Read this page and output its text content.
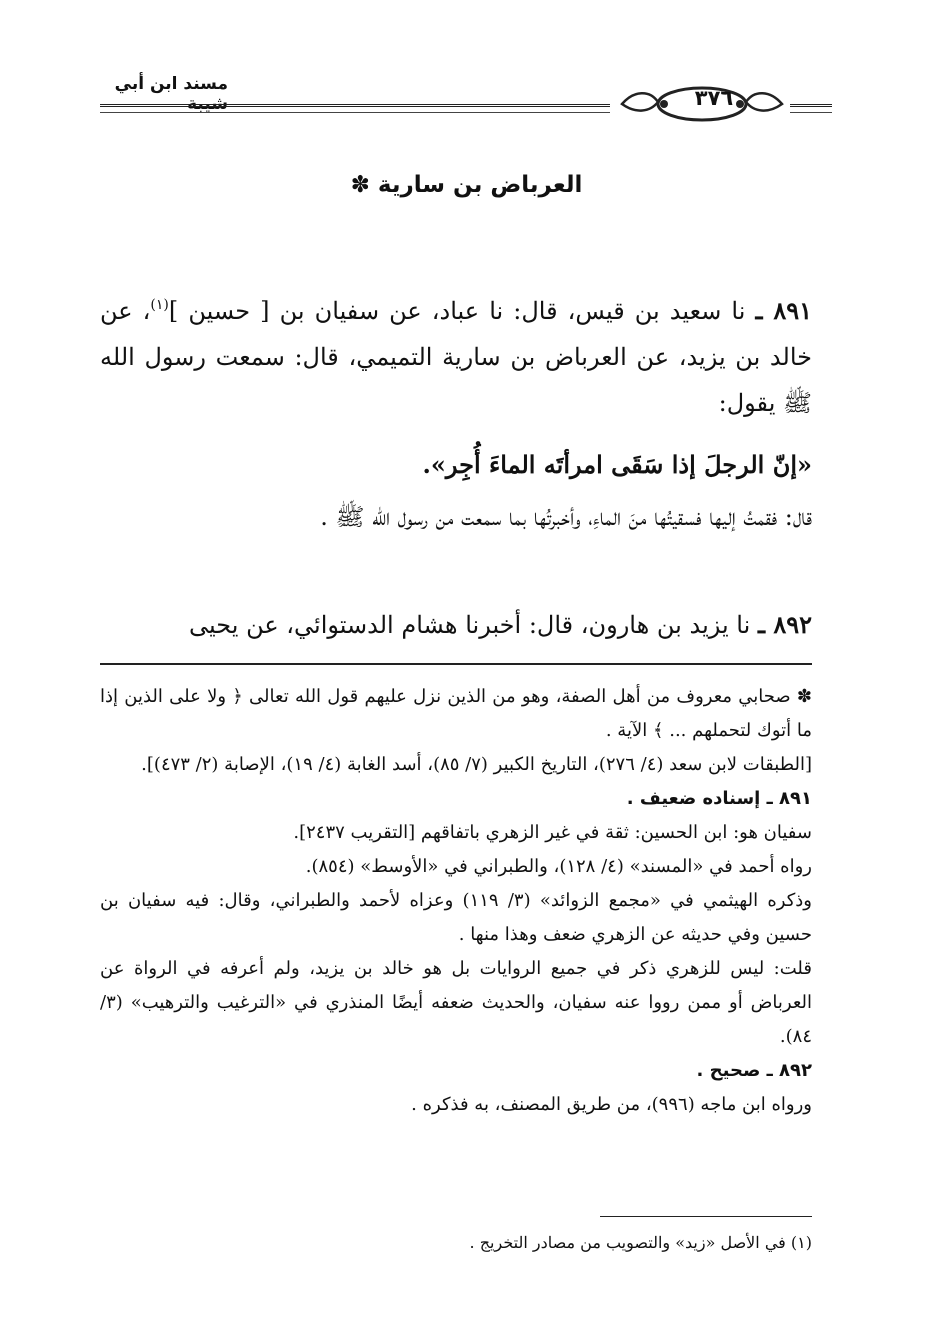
مسند ابن أبي شيبة	٣٧٦
العرباض بن سارية ✽

٨٩١ ـ نا سعيد بن قيس، قال: نا عباد، عن سفيان بن [ حسين ]$^{(١)}$، عن خالد بن يزيد، عن العرباض بن سارية التميمي، قال: سمعت رسول الله ﷺ يقول:

«إنّ الرجلَ إذا سَقَى امرأتَه الماءَ أُجِر».

قال: فقمتُ إليها فسقيتُها منَ الماءِ، وأخبرتُها بما سمعت من رسول الله ﷺ .

٨٩٢ ـ نا يزيد بن هارون، قال: أخبرنا هشام الدستوائي، عن يحيى

✽ صحابي معروف من أهل الصفة، وهو من الذين نزل عليهم قول الله تعالى ﴿ ولا على الذين إذا ما أتوك لتحملهم ... ﴾ الآية .

[الطبقات لابن سعد (٤/ ٢٧٦)، التاريخ الكبير (٧/ ٨٥)، أسد الغابة (٤/ ١٩)، الإصابة (٢/ ٤٧٣)].

٨٩١ ـ إسناده ضعيف .

سفيان هو: ابن الحسين: ثقة في غير الزهري باتفاقهم [التقريب ٢٤٣٧].

رواه أحمد في «المسند» (٤/ ١٢٨)، والطبراني في «الأوسط» (٨٥٤).

وذكره الهيثمي في «مجمع الزوائد» (٣/ ١١٩) وعزاه لأحمد والطبراني، وقال: فيه سفيان بن حسين وفي حديثه عن الزهري ضعف وهذا منها .

قلت: ليس للزهري ذكر في جميع الروايات بل هو خالد بن يزيد، ولم أعرفه في الرواة عن العرباض أو ممن رووا عنه سفيان، والحديث ضعفه أيضًا المنذري في «الترغيب والترهيب» (٣/ ٨٤).

٨٩٢ ـ صحيح .

ورواه ابن ماجه (٩٩٦)، من طريق المصنف، به فذكره .

(١) في الأصل «زيد» والتصويب من مصادر التخريج .
